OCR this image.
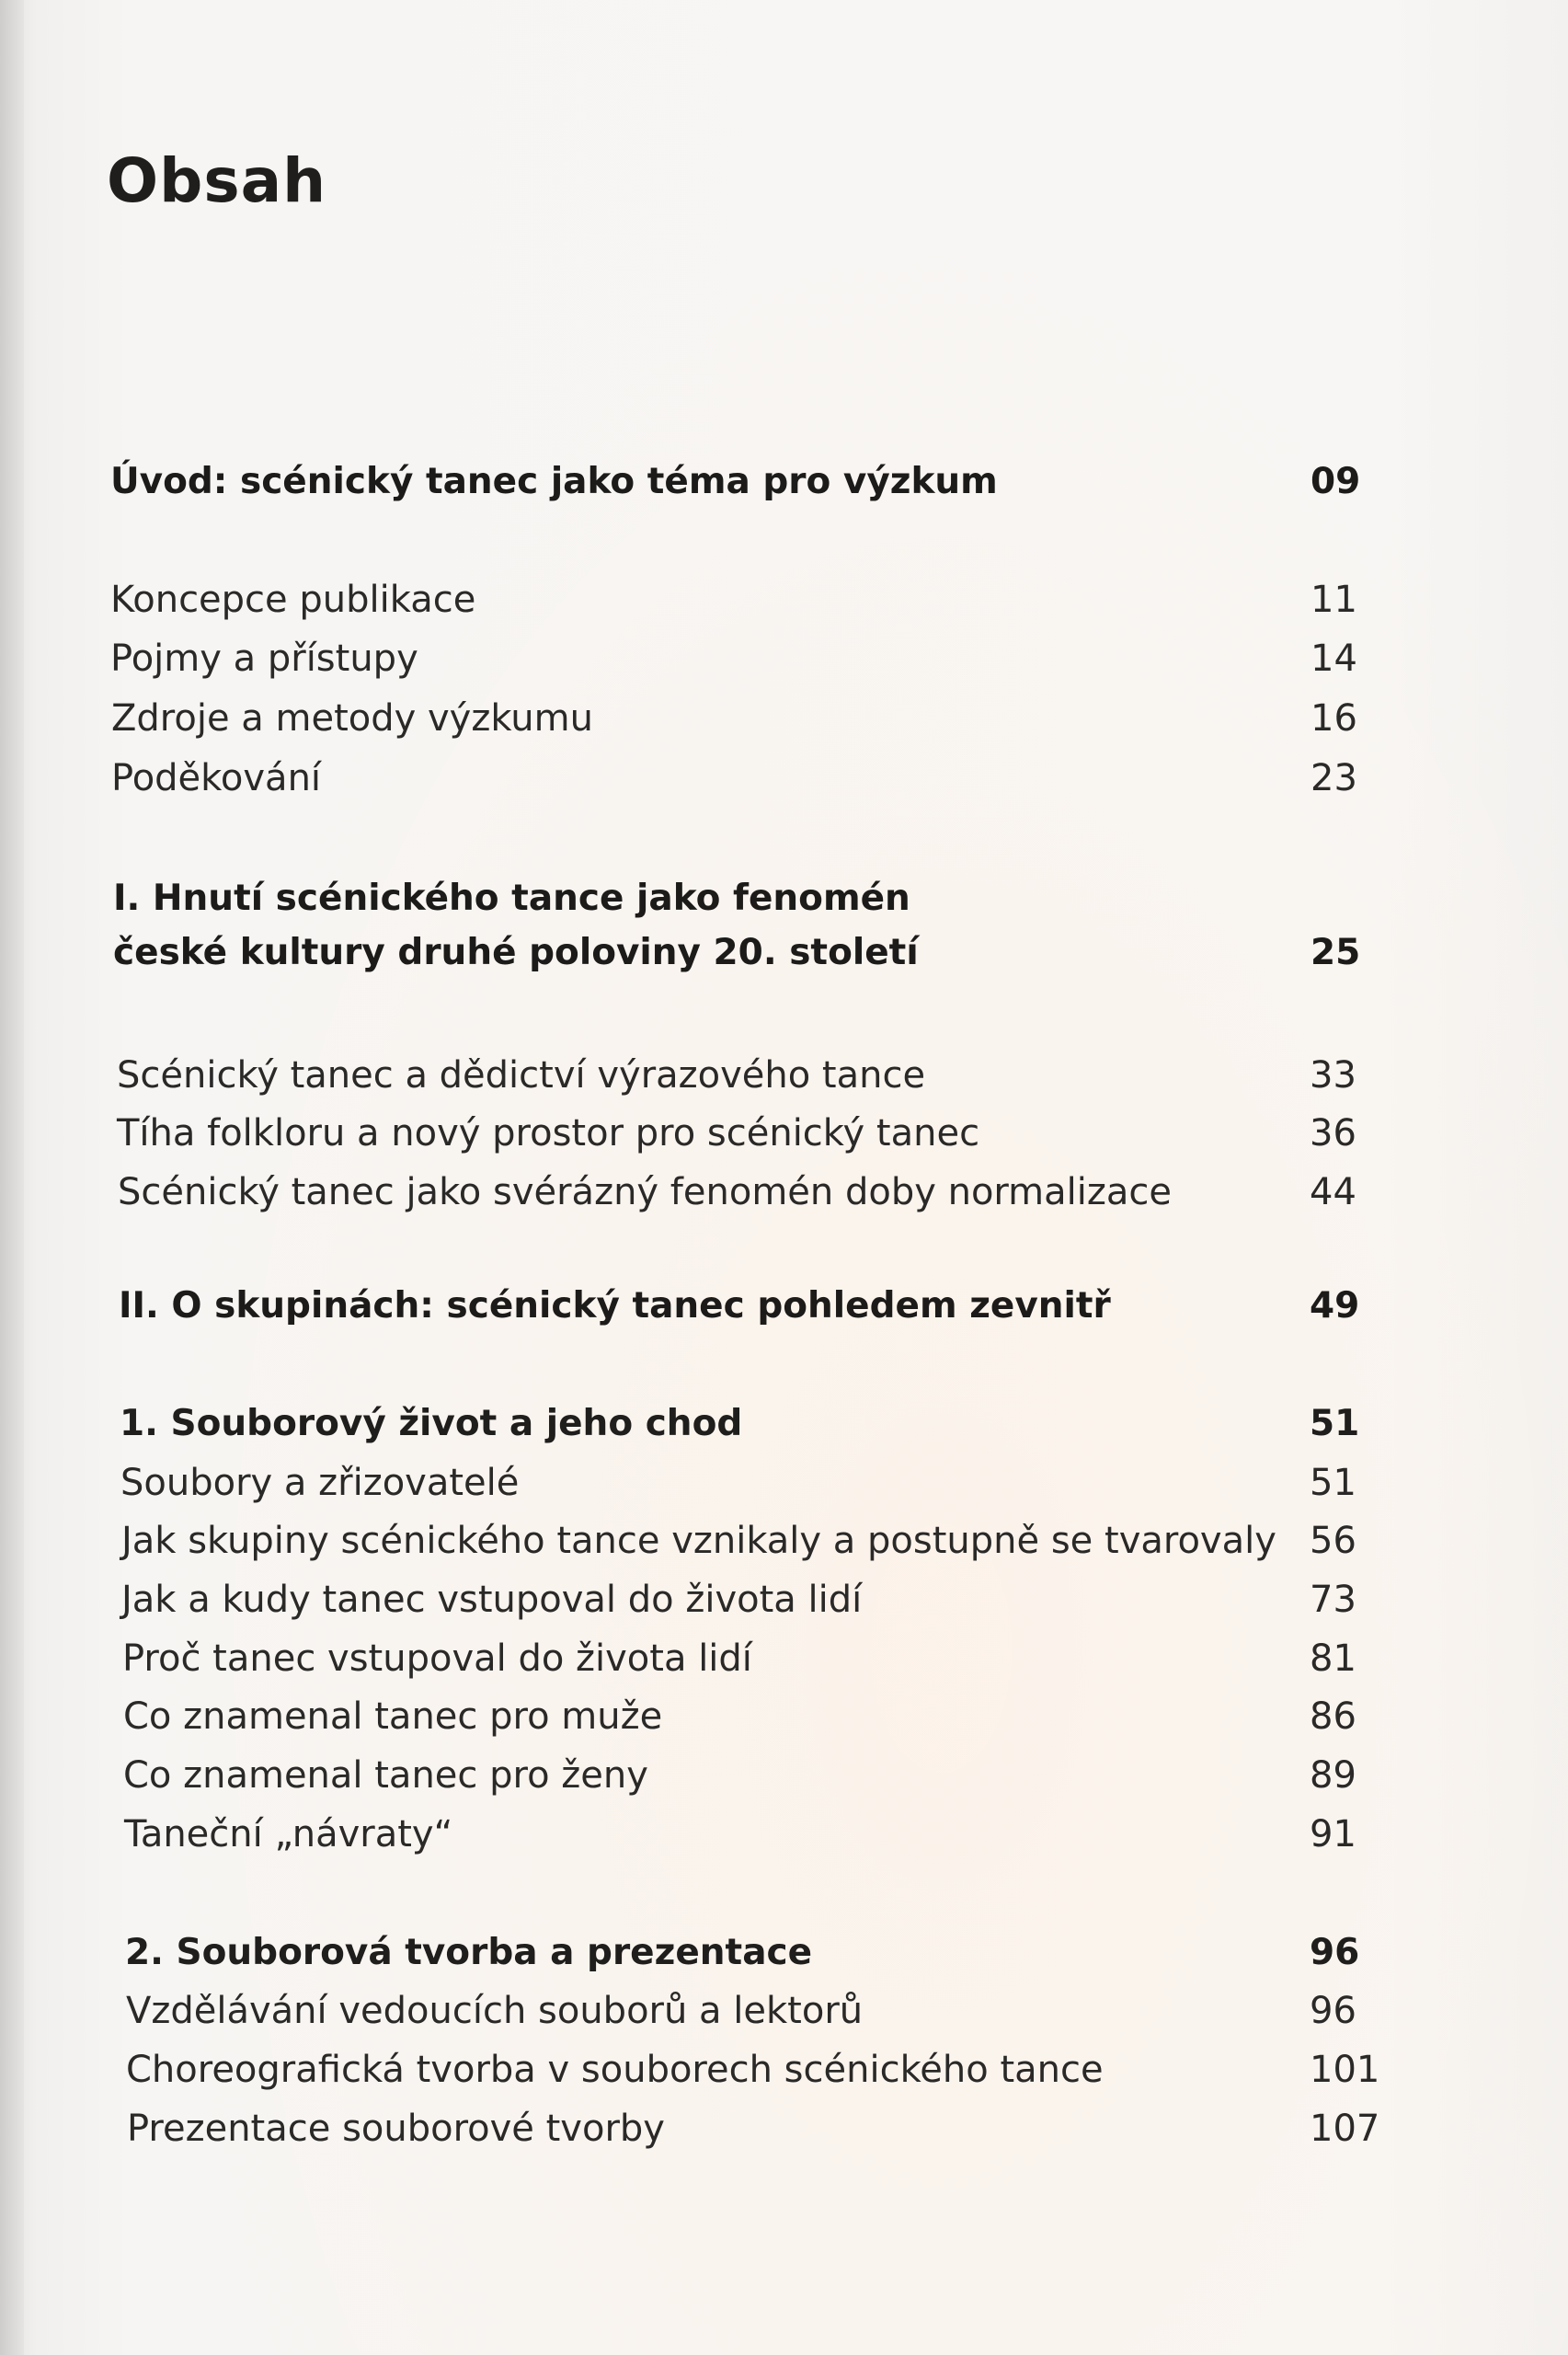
Obsah
Úvod: scénický tanec jako téma pro výzkum	09
Koncepce publikace	11
Pojmy a přístupy	14
Zdroje a metody výzkumu	16
Poděkování	23
I. Hnutí scénického tance jako fenomén
české kultury druhé poloviny 20. století	25
Scénický tanec a dědictví výrazového tance	33
Tíha folkloru a nový prostor pro scénický tanec	36
Scénický tanec jako svérázný fenomén doby normalizace	44
II. O skupinách: scénický tanec pohledem zevnitř	49
1. Souborový život a jeho chod	51
Soubory a zřizovatelé	51
Jak skupiny scénického tance vznikaly a postupně se tvarovaly 56
Jak a kudy tanec vstupoval do života lidí	73
Proč tanec vstupoval do života lidí	81
Co znamenal tanec pro muže	86
Co znamenal tanec pro ženy	89
Taneční „návraty“	91
2. Souborová tvorba a prezentace	96
Vzdělávání vedoucích souborů a lektorů	96
Choreografická tvorba v souborech scénického tance	101
Prezentace souborové tvorby	107
